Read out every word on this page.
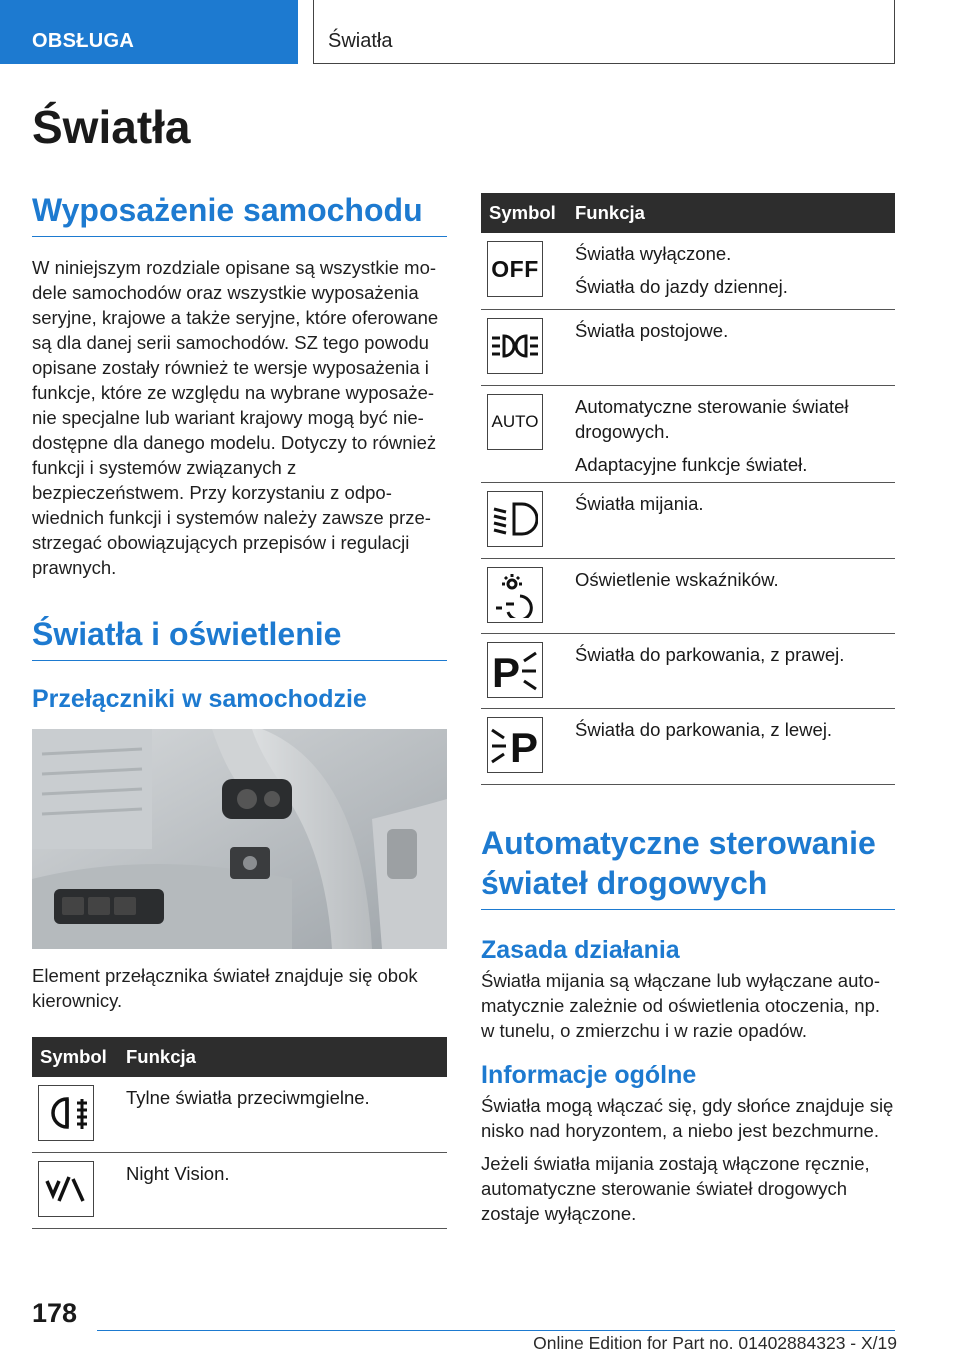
OBSŁUGA	Światła
Światła
Wyposażenie samochodu
W niniejszym rozdziale opisane są wszystkie modele samochodów oraz wszystkie wyposażenia seryjne, krajowe a także seryjne, które oferowane są dla danej serii samochodów. SZ tego powodu opisane zostały również te wersje wyposażenia i funkcje, które ze względu na wybrane wyposażenie specjalne lub wariant krajowy mogą być niedostępne dla danego modelu. Dotyczy to również funkcji i systemów związanych z bezpieczeństwem. Przy korzystaniu z odpowiednich funkcji i systemów należy zawsze przestrzegać obowiązujących przepisów i regulacji prawnych.
Światła i oświetlenie
Przełączniki w samochodzie
Element przełącznika świateł znajduje się obok kierownicy.
Symbol	Funkcja

Tylne światła przeciwmgielne.

Night Vision.
Symbol	Funkcja

OFF	Światła wyłączone.
Światła do jazdy dziennej.

Światła postojowe.

AUTO	Automatyczne sterowanie świateł drogowych.
Adaptacyjne funkcje świateł.

Światła mijania.

Oświetlenie wskaźników.

P	Światła do parkowania, z prawej.

P	Światła do parkowania, z lewej.
Automatyczne sterowanie świateł drogowych
Zasada działania
Światła mijania są włączane lub wyłączane automatycznie zależnie od oświetlenia otoczenia, np. w tunelu, o zmierzchu i w razie opadów.
Informacje ogólne
Światła mogą włączać się, gdy słońce znajduje się nisko nad horyzontem, a niebo jest bezchmurne.
Jeżeli światła mijania zostają włączone ręcznie, automatyczne sterowanie świateł drogowych zostaje wyłączone.
178
Online Edition for Part no. 01402884323 - X/19
